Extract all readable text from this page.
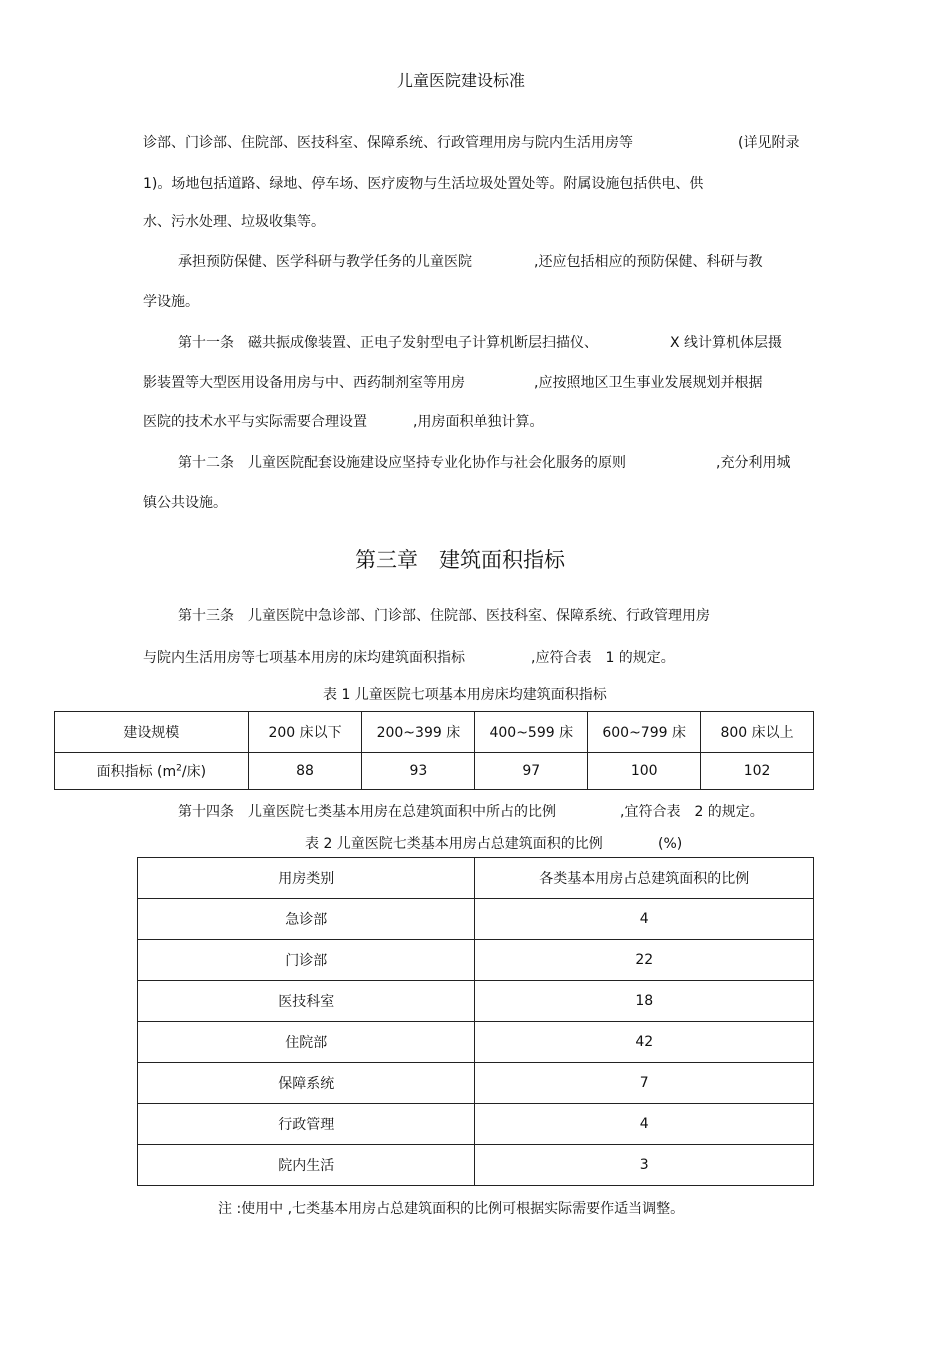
儿童医院建设标准
诊部、门诊部、住院部、医技科室、保障系统、行政管理用房与院内生活用房等	(详见附录
1)。场地包括道路、绿地、停车场、医疗废物与生活垃圾处置处等。附属设施包括供电、供
水、污水处理、垃圾收集等。
承担预防保健、医学科研与教学任务的儿童医院	,还应包括相应的预防保健、科研与教
学设施。
第十一条　磁共振成像装置、正电子发射型电子计算机断层扫描仪、	X 线计算机体层摄
影装置等大型医用设备用房与中、西药制剂室等用房	,应按照地区卫生事业发展规划并根据
医院的技术水平与实际需要合理设置	,用房面积单独计算。
第十二条　儿童医院配套设施建设应坚持专业化协作与社会化服务的原则	,充分利用城
镇公共设施。
第三章　建筑面积指标
第十三条　儿童医院中急诊部、门诊部、住院部、医技科室、保障系统、行政管理用房
与院内生活用房等七项基本用房的床均建筑面积指标	,应符合表　1 的规定。
表 1 儿童医院七项基本用房床均建筑面积指标
建设规模	200 床以下	200~399 床	400~599 床	600~799 床	800 床以上
面积指标 ($m^2/$床)	88	93	97	100	102
第十四条　儿童医院七类基本用房在总建筑面积中所占的比例	,宜符合表　2 的规定。
表 2 儿童医院七类基本用房占总建筑面积的比例	(%)
用房类别	各类基本用房占总建筑面积的比例
急诊部	4
门诊部	22
医技科室	18
住院部	42
保障系统	7
行政管理	4
院内生活	3
注 :使用中 ,七类基本用房占总建筑面积的比例可根据实际需要作适当调整。
